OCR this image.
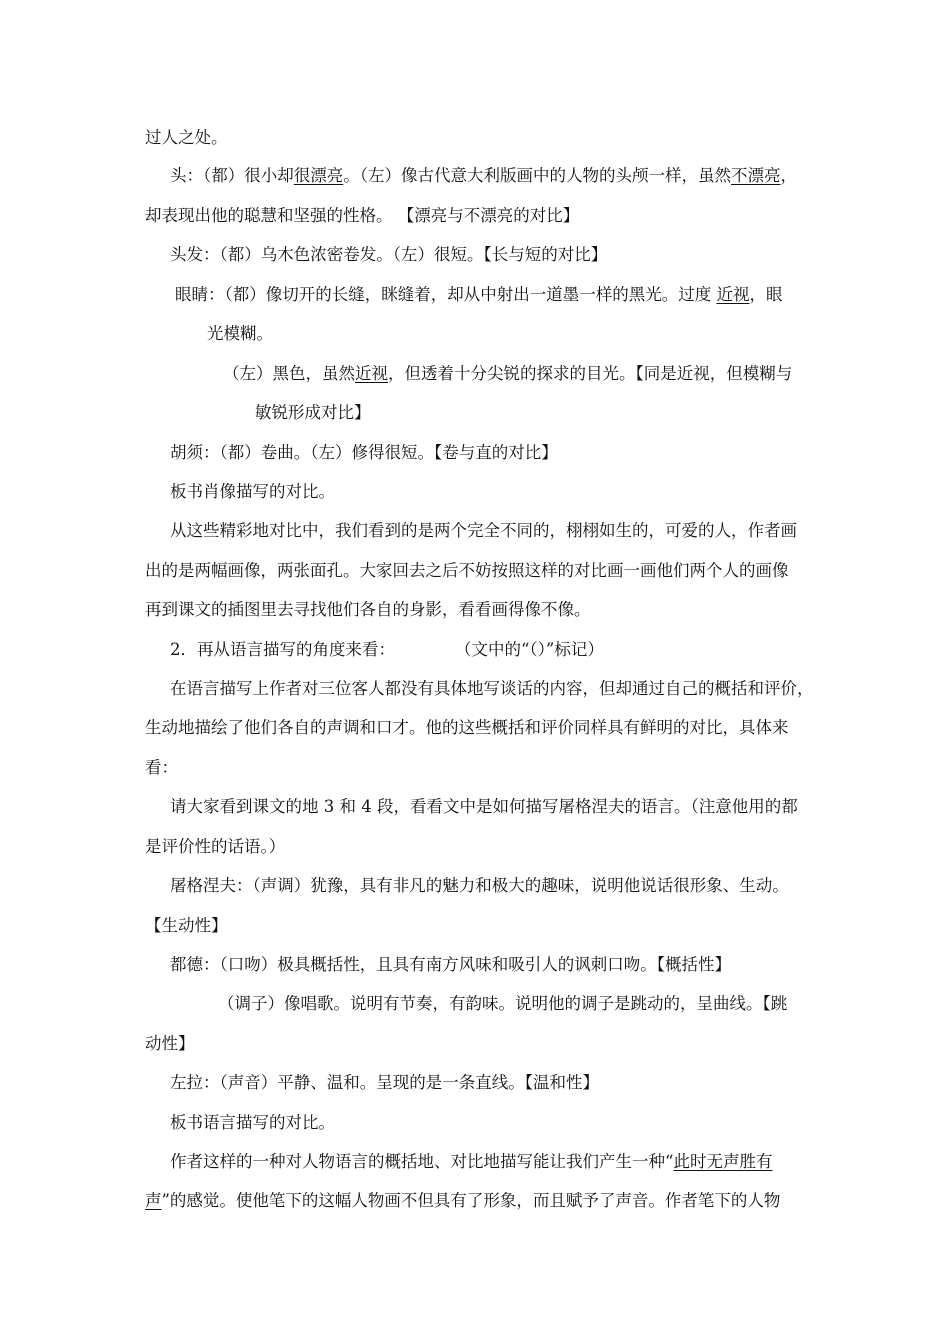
过人之处。
头：（都）很小却很漂亮。（左）像古代意大利版画中的人物的头颅一样，虽然不漂亮，
却表现出他的聪慧和坚强的性格。 【漂亮与不漂亮的对比】
头发：（都）乌木色浓密卷发。（左）很短。【长与短的对比】
眼睛：（都）像切开的长缝，眯缝着，却从中射出一道墨一样的黑光。过度 近视，眼
光模糊。
（左）黑色，虽然近视，但透着十分尖锐的探求的目光。【同是近视，但模糊与
敏锐形成对比】
胡须：（都）卷曲。（左）修得很短。【卷与直的对比】
板书肖像描写的对比。
从这些精彩地对比中，我们看到的是两个完全不同的，栩栩如生的，可爱的人，作者画
出的是两幅画像，两张面孔。大家回去之后不妨按照这样的对比画一画他们两个人的画像
再到课文的插图里去寻找他们各自的身影，看看画得像不像。
2．再从语言描写的角度来看：	（文中的“（）”标记）
在语言描写上作者对三位客人都没有具体地写谈话的内容，但却通过自己的概括和评价，
生动地描绘了他们各自的声调和口才。他的这些概括和评价同样具有鲜明的对比，具体来
看：
请大家看到课文的地 3 和 4 段，看看文中是如何描写屠格涅夫的语言。（注意他用的都
是评价性的话语。）
屠格涅夫：（声调）犹豫，具有非凡的魅力和极大的趣味，说明他说话很形象、生动。
【生动性】
都德：（口吻）极具概括性，且具有南方风味和吸引人的讽刺口吻。【概括性】
（调子）像唱歌。说明有节奏，有韵味。说明他的调子是跳动的，呈曲线。【跳
动性】
左拉：（声音）平静、温和。呈现的是一条直线。【温和性】
板书语言描写的对比。
作者这样的一种对人物语言的概括地、对比地描写能让我们产生一种“此时无声胜有
声”的感觉。使他笔下的这幅人物画不但具有了形象，而且赋予了声音。作者笔下的人物
